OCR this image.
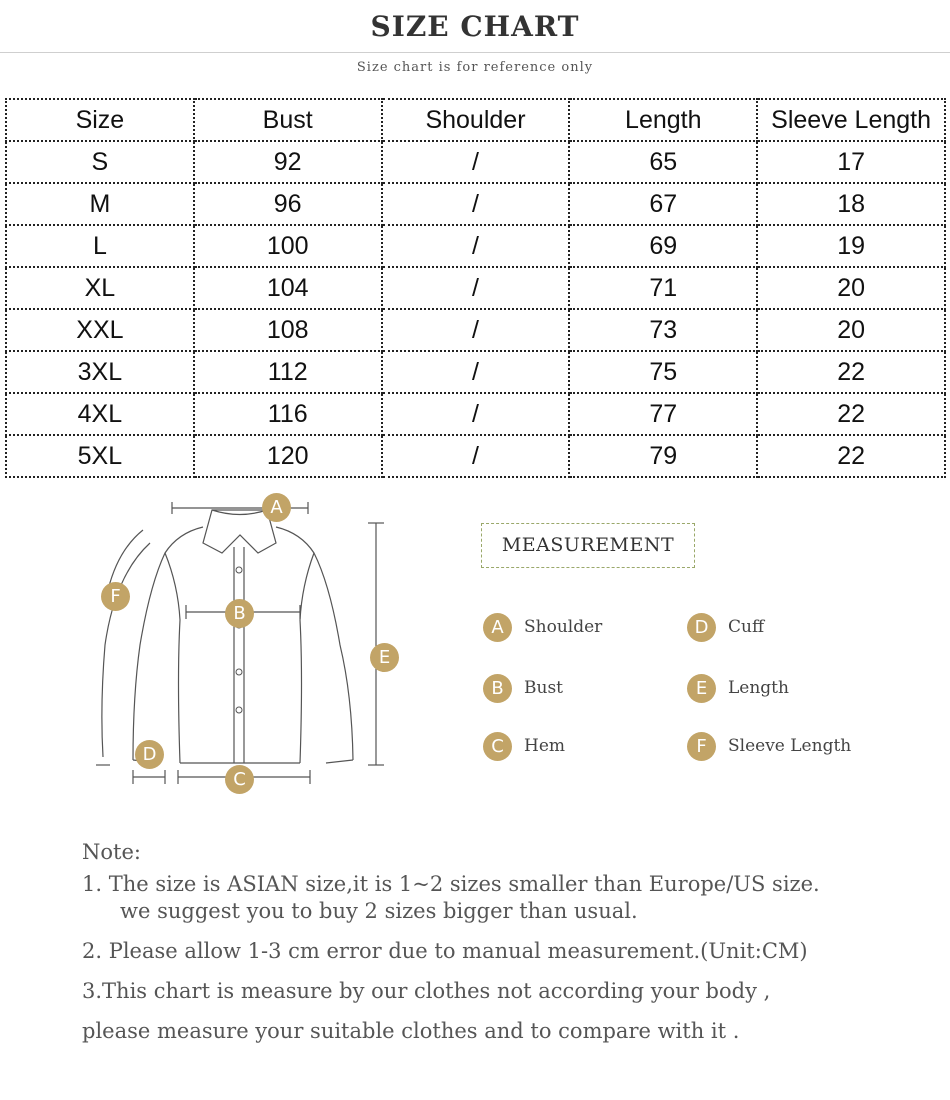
SIZE CHART
Size chart is for reference only
Size	Bust	Shoulder	Length	Sleeve Length
S	92	/	65	17
M	96	/	67	18
L	100	/	69	19
XL	104	/	71	20
XXL	108	/	73	20
3XL	112	/	75	22
4XL	116	/	77	22
5XL	120	/	79	22
A
B
C
D
E
F
MEASUREMENT
A	Shoulder	D	Cuff
B	Bust	E	Length
C	Hem	F	Sleeve Length
Note:
1. The size is ASIAN size,it is 1~2 sizes smaller than Europe/US size.
we suggest you to buy 2 sizes bigger than usual.
2. Please allow 1-3 cm error due to manual measurement.(Unit:CM)
3.This chart is measure by our clothes not according your body ,
please measure your suitable clothes and to compare with it .
